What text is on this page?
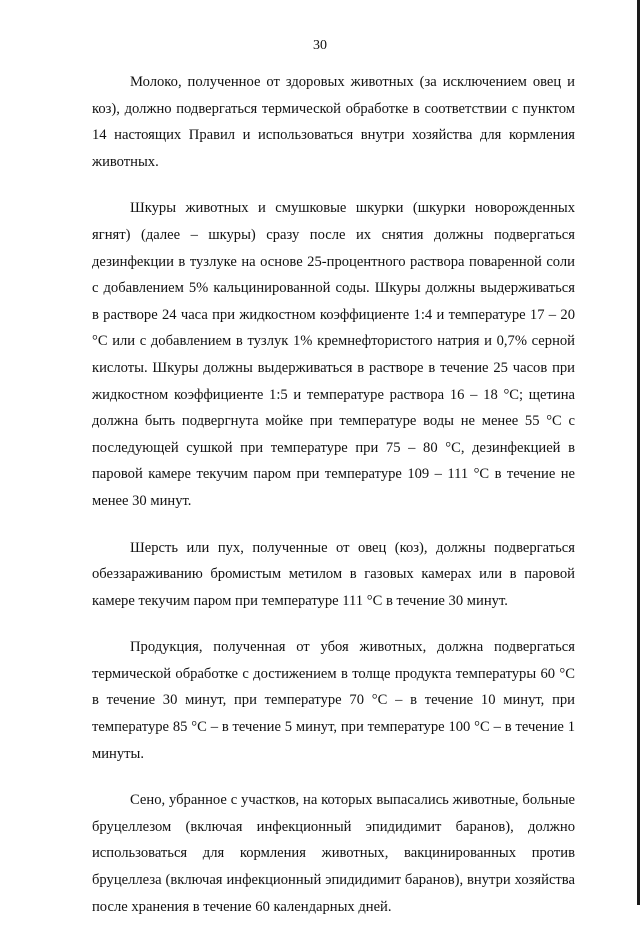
30

Молоко, полученное от здоровых животных (за исключением овец и коз), должно подвергаться термической обработке в соответствии с пунктом 14 настоящих Правил и использоваться внутри хозяйства для кормления животных.

Шкуры животных и смушковые шкурки (шкурки новорожденных ягнят) (далее – шкуры) сразу после их снятия должны подвергаться дезинфекции в тузлуке на основе 25-процентного раствора поваренной соли с добавлением 5% кальцинированной соды. Шкуры должны выдерживаться в растворе 24 часа при жидкостном коэффициенте 1:4 и температуре 17 – 20 °С или с добавлением в тузлук 1% кремнефтористого натрия и 0,7% серной кислоты. Шкуры должны выдерживаться в растворе в течение 25 часов при жидкостном коэффициенте 1:5 и температуре раствора 16 – 18 °С; щетина должна быть подвергнута мойке при температуре воды не менее 55 °С с последующей сушкой при температуре при 75 – 80 °С, дезинфекцией в паровой камере текучим паром при температуре 109 – 111 °С в течение не менее 30 минут.

Шерсть или пух, полученные от овец (коз), должны подвергаться обеззараживанию бромистым метилом в газовых камерах или в паровой камере текучим паром при температуре 111 °С в течение 30 минут.

Продукция, полученная от убоя животных, должна подвергаться термической обработке с достижением в толще продукта температуры 60 °С в течение 30 минут, при температуре 70 °С – в течение 10 минут, при температуре 85 °С – в течение 5 минут, при температуре 100 °С – в течение 1 минуты.

Сено, убранное с участков, на которых выпасались животные, больные бруцеллезом (включая инфекционный эпидидимит баранов), должно использоваться для кормления животных, вакцинированных против бруцеллеза (включая инфекционный эпидидимит баранов), внутри хозяйства после хранения в течение 60 календарных дней.
